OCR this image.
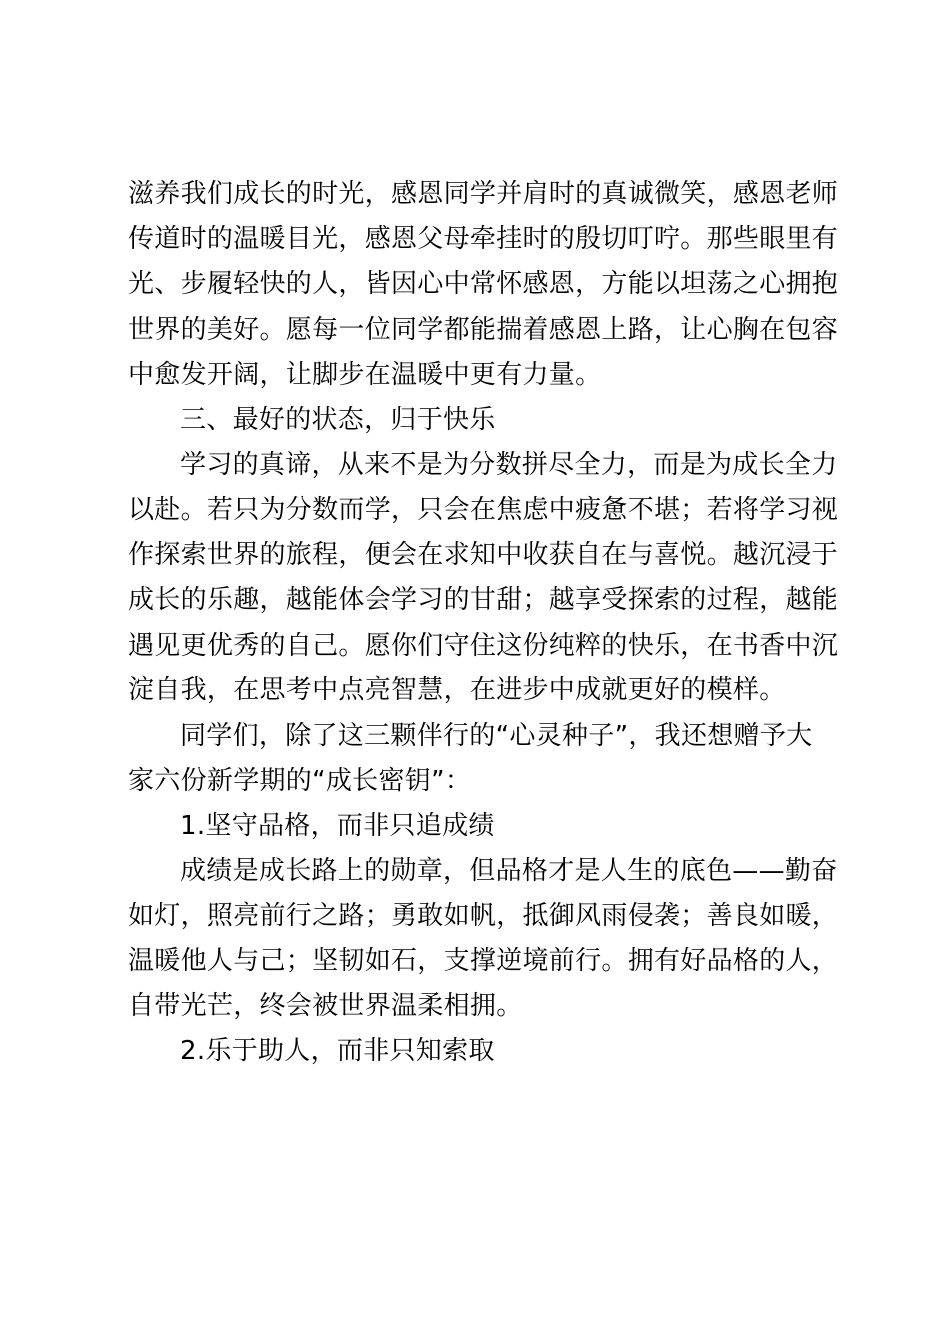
滋养我们成长的时光，感恩同学并肩时的真诚微笑，感恩老师
传道时的温暖目光，感恩父母牵挂时的殷切叮咛。那些眼里有
光、步履轻快的人，皆因心中常怀感恩，方能以坦荡之心拥抱
世界的美好。愿每一位同学都能揣着感恩上路，让心胸在包容
中愈发开阔，让脚步在温暖中更有力量。
三、最好的状态，归于快乐
学习的真谛，从来不是为分数拼尽全力，而是为成长全力
以赴。若只为分数而学，只会在焦虑中疲惫不堪；若将学习视
作探索世界的旅程，便会在求知中收获自在与喜悦。越沉浸于
成长的乐趣，越能体会学习的甘甜；越享受探索的过程，越能
遇见更优秀的自己。愿你们守住这份纯粹的快乐，在书香中沉
淀自我，在思考中点亮智慧，在进步中成就更好的模样。
同学们，除了这三颗伴行的“心灵种子”，我还想赠予大
家六份新学期的“成长密钥”：
1.坚守品格，而非只追成绩
成绩是成长路上的勋章，但品格才是人生的底色——勤奋
如灯，照亮前行之路；勇敢如帆，抵御风雨侵袭；善良如暖，
温暖他人与己；坚韧如石，支撑逆境前行。拥有好品格的人，
自带光芒，终会被世界温柔相拥。
2.乐于助人，而非只知索取
